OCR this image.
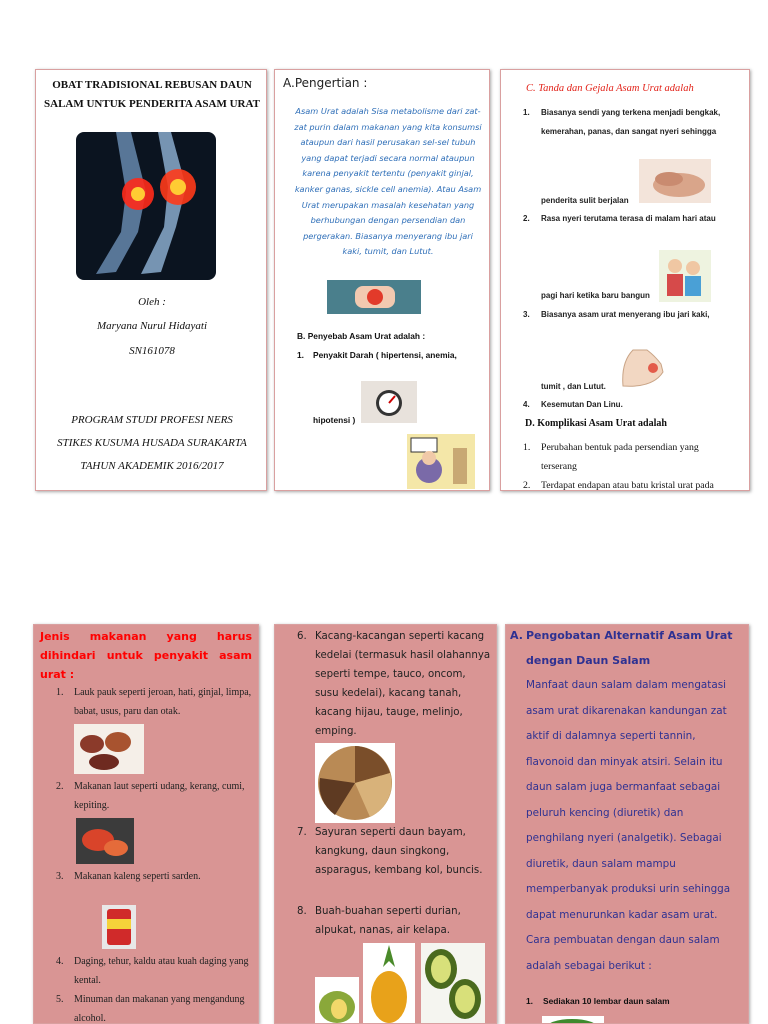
OBAT TRADISIONAL REBUSAN DAUN SALAM UNTUK PENDERITA ASAM URAT
Oleh :
Maryana Nurul Hidayati
SN161078
PROGRAM STUDI PROFESI NERS
STIKES KUSUMA HUSADA SURAKARTA
TAHUN AKADEMIK 2016/2017
A.Pengertian :
Asam Urat adalah Sisa metabolisme dari zat-zat purin dalam makanan yang kita konsumsi ataupun dari hasil perusakan sel-sel tubuh yang dapat terjadi secara normal ataupun karena penyakit tertentu (penyakit ginjal, kanker ganas, sickle cell anemia). Atau Asam Urat merupakan masalah kesehatan yang berhubungan dengan persendian dan pergerakan. Biasanya menyerang ibu jari kaki, tumit, dan Lutut.
B. Penyebab Asam Urat adalah :
1. Penyakit Darah ( hipertensi, anemia,
hipotensi )
C. Tanda dan Gejala Asam Urat adalah
1. Biasanya sendi yang terkena menjadi bengkak,
kemerahan, panas, dan sangat nyeri sehingga
penderita sulit berjalan
2. Rasa nyeri terutama terasa di malam hari atau
pagi hari ketika baru bangun
3. Biasanya asam urat menyerang ibu jari kaki,
tumit , dan Lutut.
4. Kesemutan Dan Linu.
D. Komplikasi Asam Urat adalah
1. Perubahan bentuk pada persendian yang
terserang
2. Terdapat endapan atau batu kristal urat pada
Jenis makanan yang harus dihindari untuk penyakit asam urat :
1. Lauk pauk seperti jeroan, hati, ginjal, limpa, babat, usus, paru dan otak.
2. Makanan laut seperti udang, kerang, cumi, kepiting.
3. Makanan kaleng seperti sarden.
4. Daging, tehur, kaldu atau kuah daging yang kental.
5. Minuman dan makanan yang mengandung alcohol.
6. Kacang-kacangan seperti kacang kedelai (termasuk hasil olahannya seperti tempe, tauco, oncom, susu kedelai), kacang tanah, kacang hijau, tauge, melinjo, emping.
7. Sayuran seperti daun bayam, kangkung, daun singkong, asparagus, kembang kol, buncis.
8. Buah-buahan seperti durian, alpukat, nanas, air kelapa.
A. Pengobatan Alternatif Asam Urat dengan Daun Salam
Manfaat daun salam dalam mengatasi asam urat dikarenakan kandungan zat aktif di dalamnya seperti tannin, flavonoid dan minyak atsiri. Selain itu daun salam juga bermanfaat sebagai peluruh kencing (diuretik) dan penghilang nyeri (analgetik). Sebagai diuretik, daun salam mampu memperbanyak produksi urin sehingga dapat menurunkan kadar asam urat. Cara pembuatan dengan daun salam adalah sebagai berikut :
1. Sediakan 10 lembar daun salam
